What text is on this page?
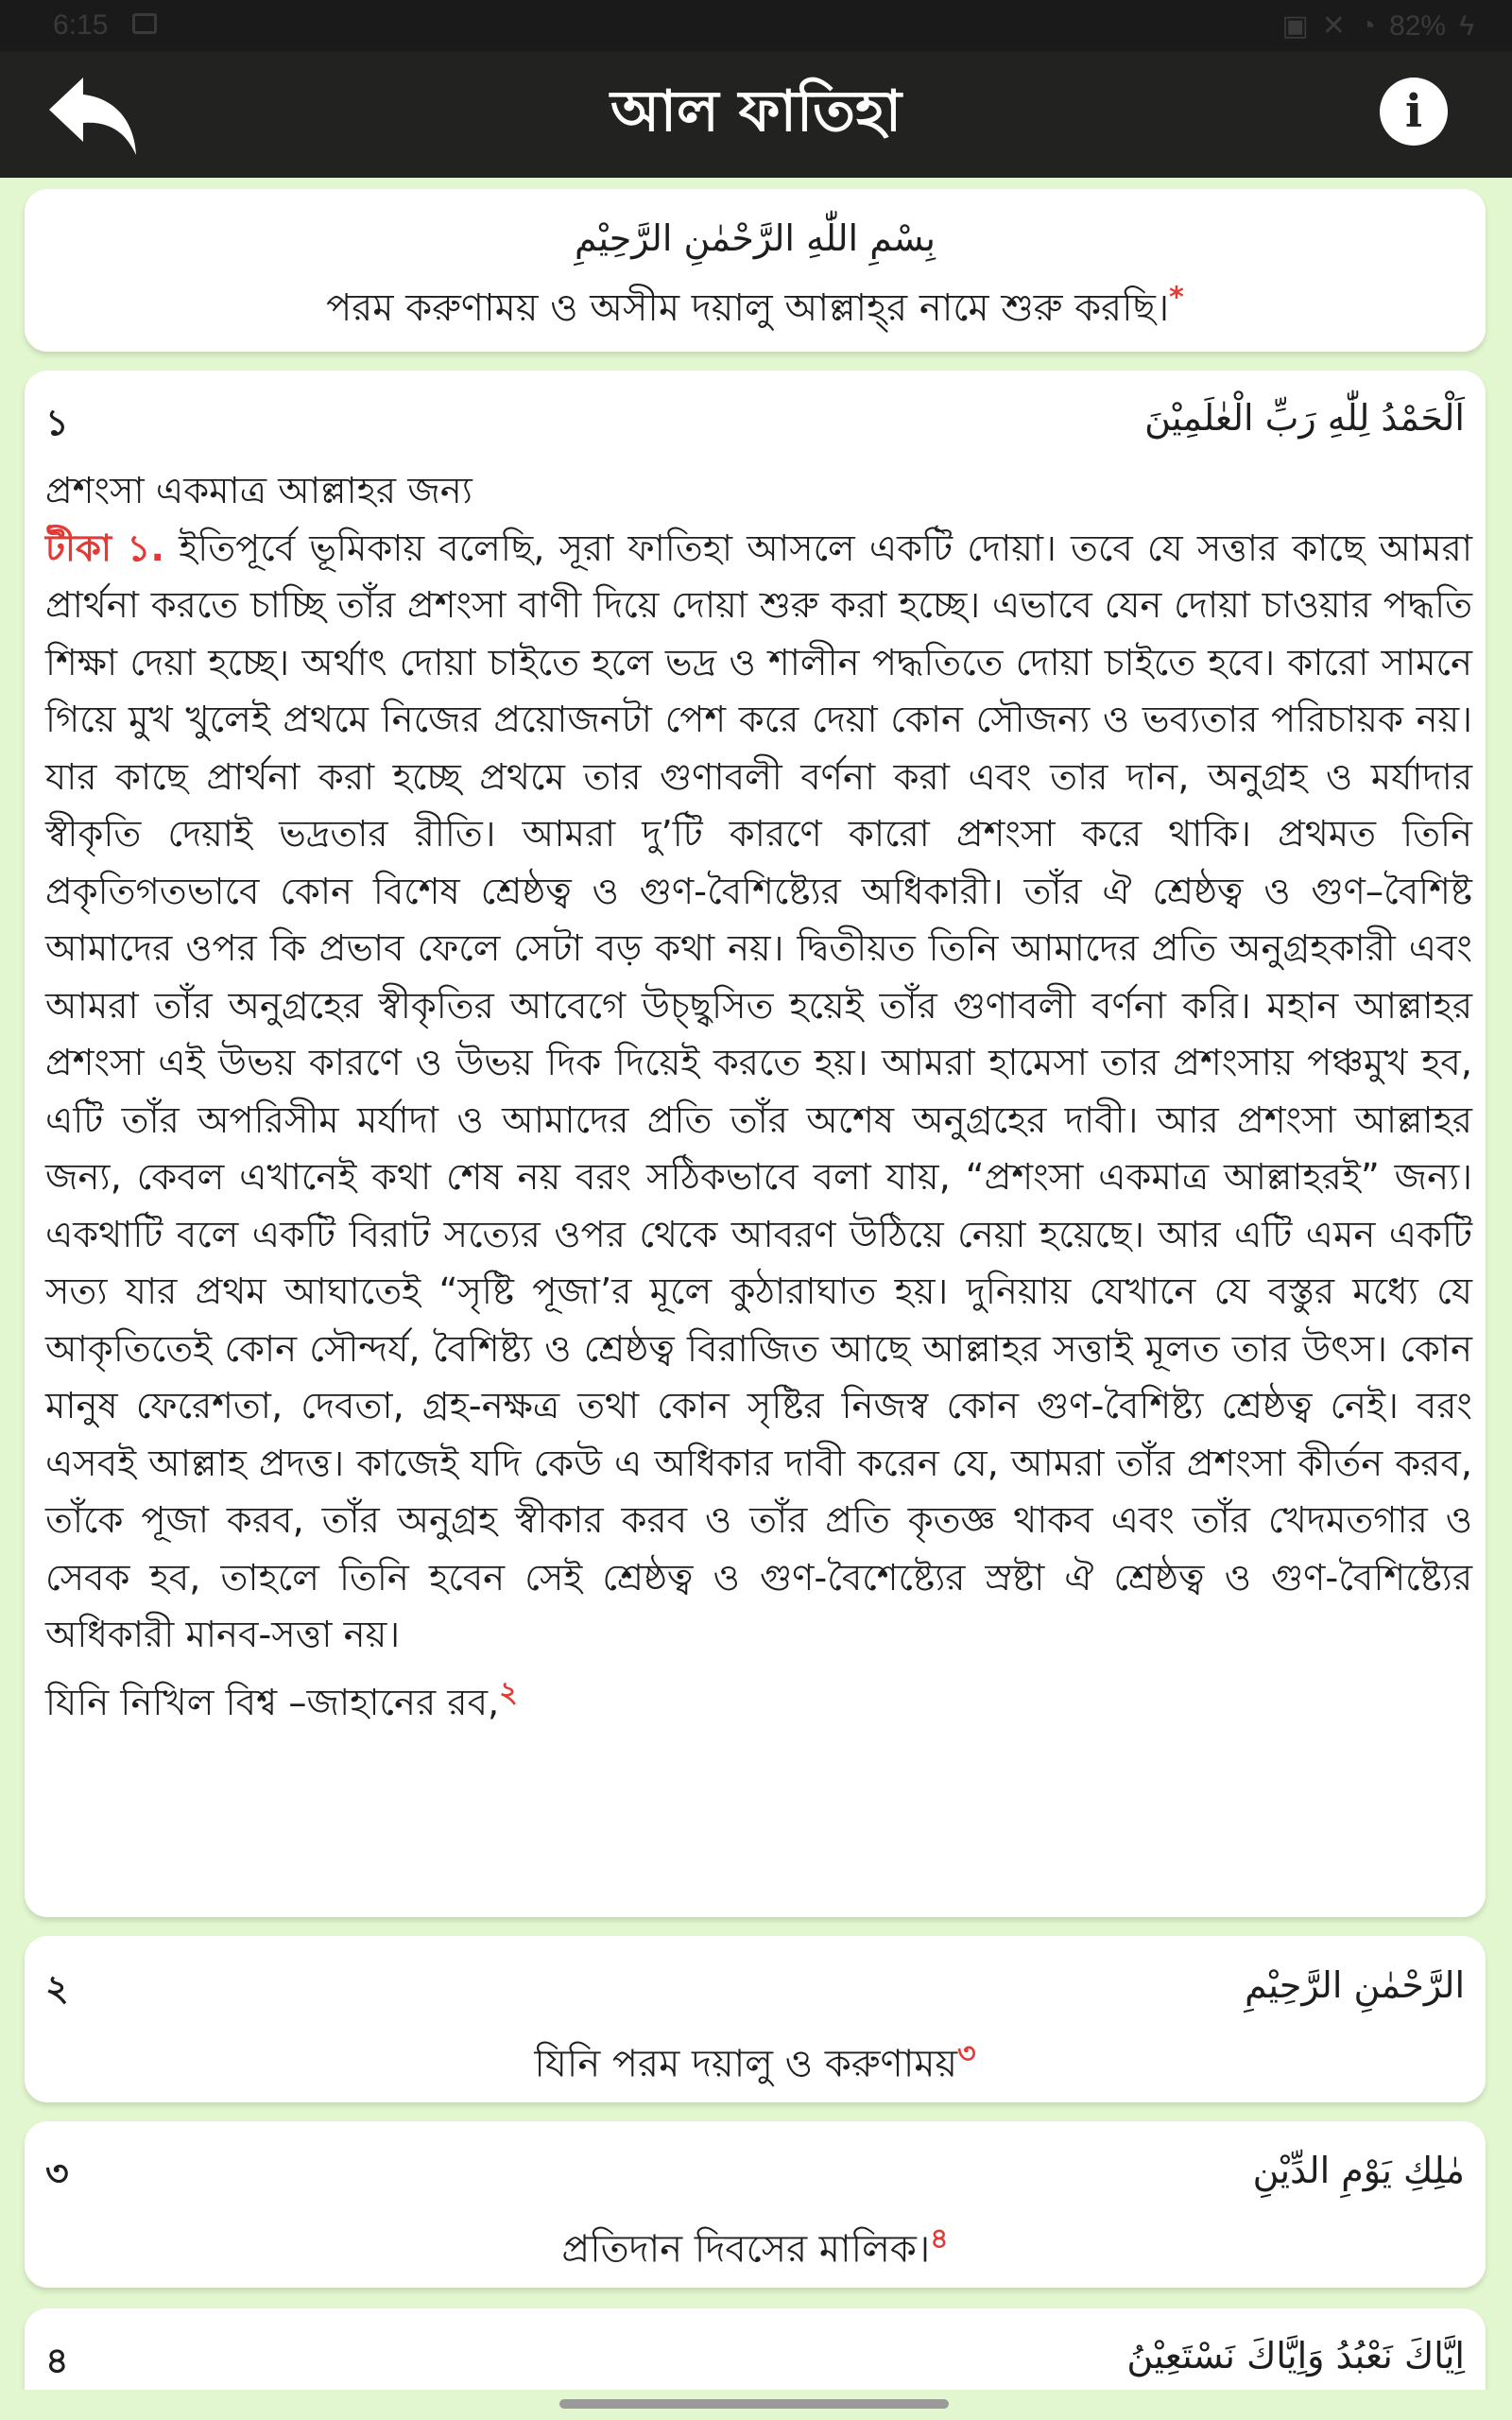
6:15	▣ ✕ ◔ 82% ϟ
আল ফাতিহা	i
بِسْمِ اللّٰهِ الرَّحْمٰنِ الرَّحِيْمِ
পরম করুণাময় ও অসীম দয়ালু আল্লাহ্‌র নামে শুরু করছি।*
১	اَلْحَمْدُ لِلّٰهِ رَبِّ الْعٰلَمِيْنَ
প্রশংসা একমাত্র আল্লাহর জন্য
টীকা ১. ইতিপূর্বে ভূমিকায় বলেছি, সূরা ফাতিহা আসলে একটি দোয়া। তবে যে সত্তার কাছে আমরা প্রার্থনা করতে চাচ্ছি তাঁর প্রশংসা বাণী দিয়ে দোয়া শুরু করা হচ্ছে। এভাবে যেন দোয়া চাওয়ার পদ্ধতি শিক্ষা দেয়া হচ্ছে। অর্থাৎ দোয়া চাইতে হলে ভদ্র ও শালীন পদ্ধতিতে দোয়া চাইতে হবে। কারো সামনে গিয়ে মুখ খুলেই প্রথমে নিজের প্রয়োজনটা পেশ করে দেয়া কোন সৌজন্য ও ভব্যতার পরিচায়ক নয়। যার কাছে প্রার্থনা করা হচ্ছে প্রথমে তার গুণাবলী বর্ণনা করা এবং তার দান, অনুগ্রহ ও মর্যাদার স্বীকৃতি দেয়াই ভদ্রতার রীতি। আমরা দু’টি কারণে কারো প্রশংসা করে থাকি। প্রথমত তিনি প্রকৃতিগতভাবে কোন বিশেষ শ্রেষ্ঠত্ব ও গুণ-বৈশিষ্ট্যের অধিকারী। তাঁর ঐ শ্রেষ্ঠত্ব ও গুণ–বৈশিষ্ট আমাদের ওপর কি প্রভাব ফেলে সেটা বড় কথা নয়। দ্বিতীয়ত তিনি আমাদের প্রতি অনুগ্রহকারী এবং আমরা তাঁর অনুগ্রহের স্বীকৃতির আবেগে উচ্ছ্বসিত হয়েই তাঁর গুণাবলী বর্ণনা করি। মহান আল্লাহর প্রশংসা এই উভয় কারণে ও উভয় দিক দিয়েই করতে হয়। আমরা হামেসা তার প্রশংসায় পঞ্চমুখ হব, এটি তাঁর অপরিসীম মর্যাদা ও আমাদের প্রতি তাঁর অশেষ অনুগ্রহের দাবী। আর প্রশংসা আল্লাহর জন্য, কেবল এখানেই কথা শেষ নয় বরং সঠিকভাবে বলা যায়, “প্রশংসা একমাত্র আল্লাহরই” জন্য। একথাটি বলে একটি বিরাট সত্যের ওপর থেকে আবরণ উঠিয়ে নেয়া হয়েছে। আর এটি এমন একটি সত্য যার প্রথম আঘাতেই “সৃষ্টি পূজা’র মূলে কুঠারাঘাত হয়। দুনিয়ায় যেখানে যে বস্তুর মধ্যে যে আকৃতিতেই কোন সৌন্দর্য, বৈশিষ্ট্য ও শ্রেষ্ঠত্ব বিরাজিত আছে আল্লাহর সত্তাই মূলত তার উৎস। কোন মানুষ ফেরেশতা, দেবতা, গ্রহ-নক্ষত্র তথা কোন সৃষ্টির নিজস্ব কোন গুণ-বৈশিষ্ট্য শ্রেষ্ঠত্ব নেই। বরং এসবই আল্লাহ প্রদত্ত। কাজেই যদি কেউ এ অধিকার দাবী করেন যে, আমরা তাঁর প্রশংসা কীর্তন করব, তাঁকে পূজা করব, তাঁর অনুগ্রহ স্বীকার করব ও তাঁর প্রতি কৃতজ্ঞ থাকব এবং তাঁর খেদমতগার ও সেবক হব, তাহলে তিনি হবেন সেই শ্রেষ্ঠত্ব ও গুণ-বৈশেষ্ট্যের স্রষ্টা ঐ শ্রেষ্ঠত্ব ও গুণ-বৈশিষ্ট্যের অধিকারী মানব-সত্তা নয়।
যিনি নিখিল বিশ্ব –জাহানের রব,$^২$
২	الرَّحْمٰنِ الرَّحِيْمِ
যিনি পরম দয়ালু ও করুণাময়$^৩$
৩	مٰلِكِ يَوْمِ الدِّيْنِ
প্রতিদান দিবসের মালিক।$^৪$
৪	اِيَّاكَ نَعْبُدُ وَاِيَّاكَ نَسْتَعِيْنُ
